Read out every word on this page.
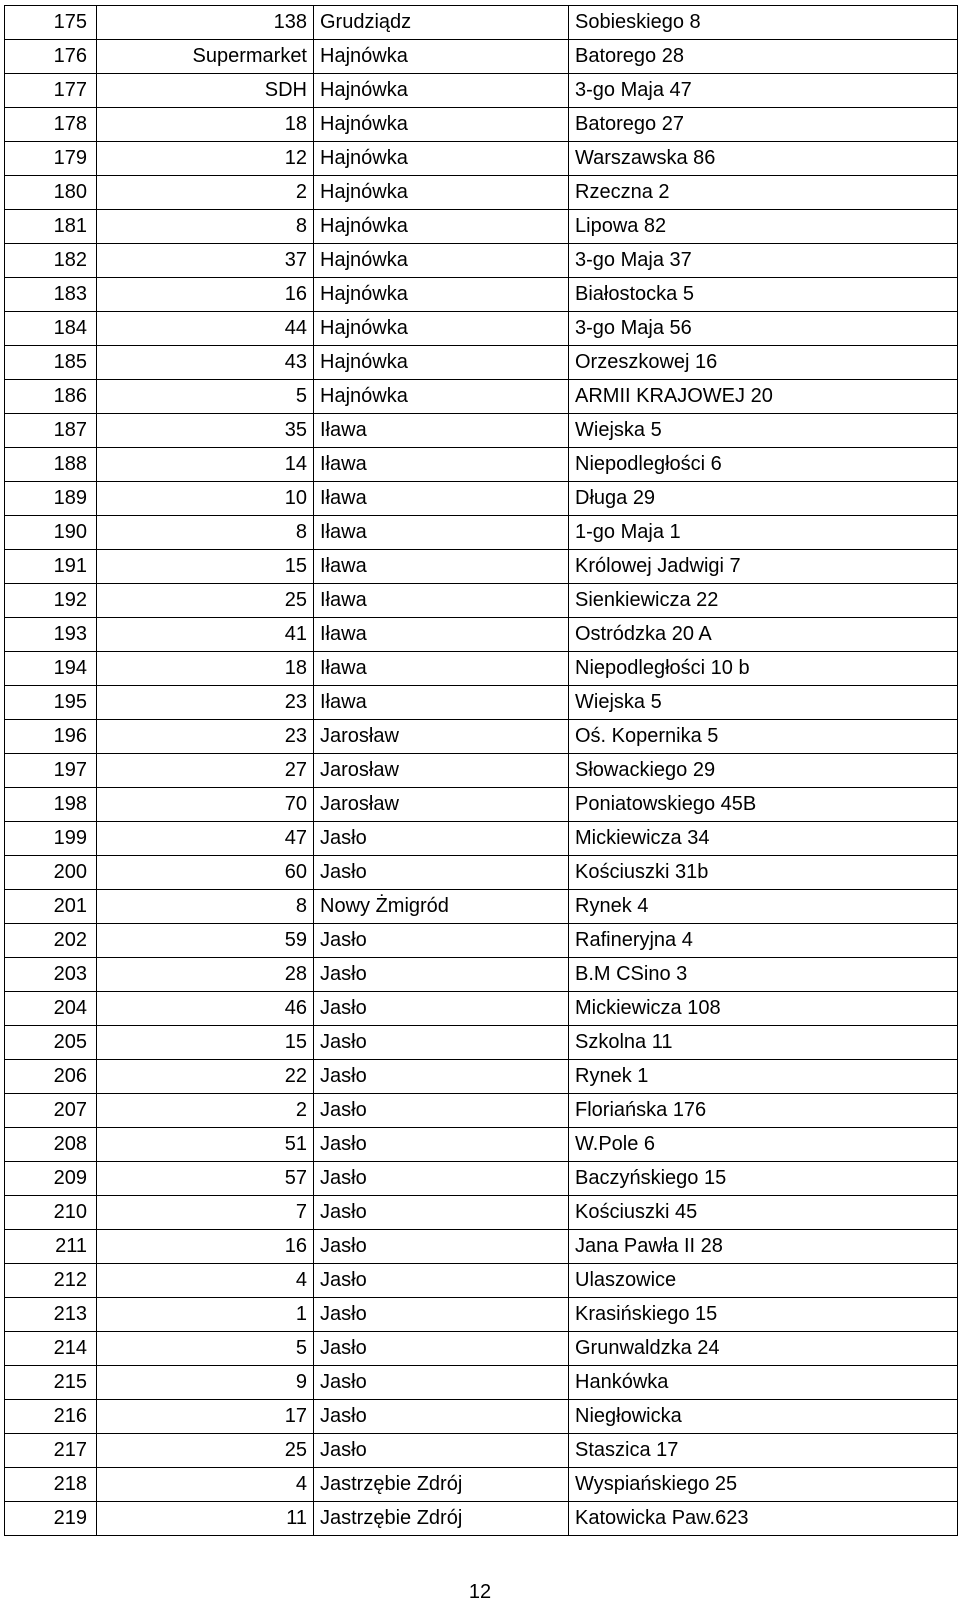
175	138	Grudziądz	Sobieskiego 8
176	Supermarket	Hajnówka	Batorego 28
177	SDH	Hajnówka	3-go Maja 47
178	18	Hajnówka	Batorego 27
179	12	Hajnówka	Warszawska 86
180	2	Hajnówka	Rzeczna 2
181	8	Hajnówka	Lipowa 82
182	37	Hajnówka	3-go Maja 37
183	16	Hajnówka	Białostocka 5
184	44	Hajnówka	3-go Maja 56
185	43	Hajnówka	Orzeszkowej 16
186	5	Hajnówka	ARMII KRAJOWEJ 20
187	35	Iława	Wiejska 5
188	14	Iława	Niepodległości 6
189	10	Iława	Długa 29
190	8	Iława	1-go Maja 1
191	15	Iława	Królowej Jadwigi 7
192	25	Iława	Sienkiewicza 22
193	41	Iława	Ostródzka 20 A
194	18	Iława	Niepodległości 10 b
195	23	Iława	Wiejska 5
196	23	Jarosław	Oś. Kopernika 5
197	27	Jarosław	Słowackiego 29
198	70	Jarosław	Poniatowskiego 45B
199	47	Jasło	Mickiewicza 34
200	60	Jasło	Kościuszki 31b
201	8	Nowy Żmigród	Rynek 4
202	59	Jasło	Rafineryjna 4
203	28	Jasło	B.M CSino 3
204	46	Jasło	Mickiewicza 108
205	15	Jasło	Szkolna 11
206	22	Jasło	Rynek 1
207	2	Jasło	Floriańska 176
208	51	Jasło	W.Pole 6
209	57	Jasło	Baczyńskiego 15
210	7	Jasło	Kościuszki 45
211	16	Jasło	Jana Pawła II 28
212	4	Jasło	Ulaszowice
213	1	Jasło	Krasińskiego 15
214	5	Jasło	Grunwaldzka 24
215	9	Jasło	Hankówka
216	17	Jasło	Niegłowicka
217	25	Jasło	Staszica 17
218	4	Jastrzębie Zdrój	Wyspiańskiego 25
219	11	Jastrzębie Zdrój	Katowicka Paw.623
12
